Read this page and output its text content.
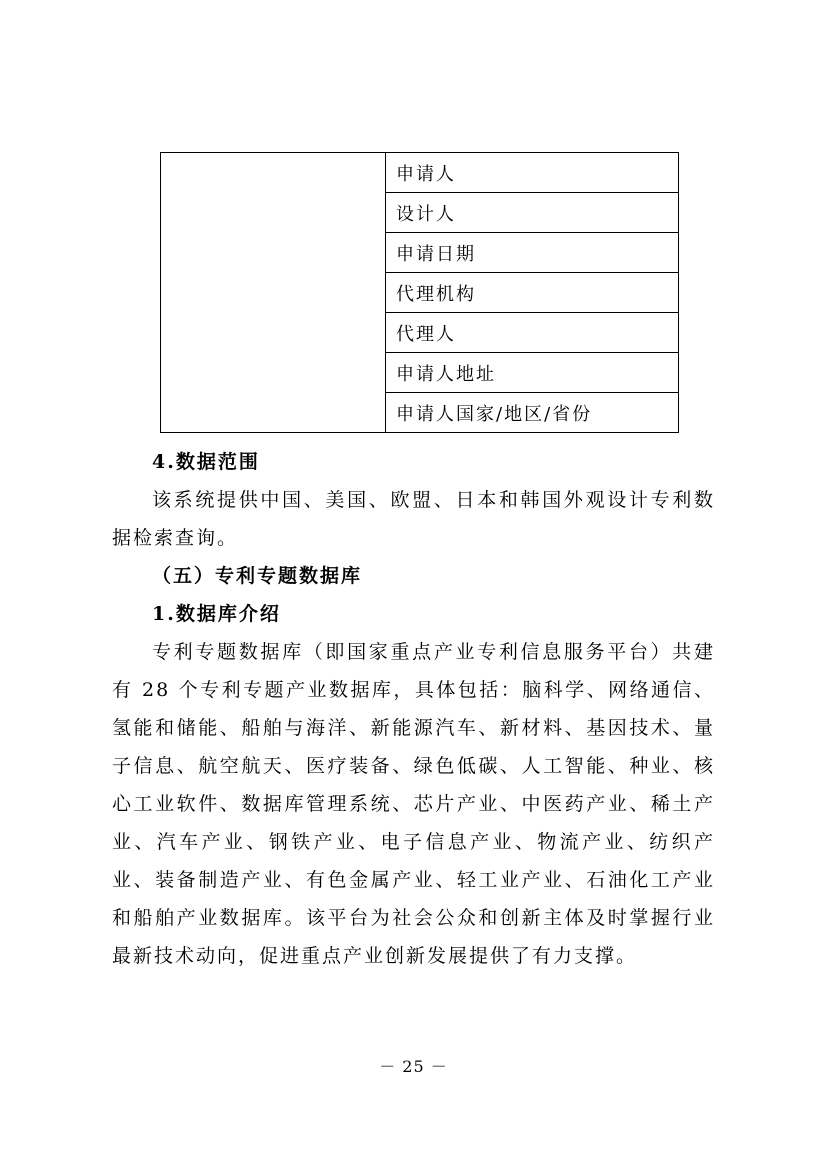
	申请人
设计人
申请日期
代理机构
代理人
申请人地址
申请人国家/地区/省份
4.数据范围

该系统提供中国、美国、欧盟、日本和韩国外观设计专利数据检索查询。

（五）专利专题数据库
1.数据库介绍

专利专题数据库（即国家重点产业专利信息服务平台）共建有 28 个专利专题产业数据库，具体包括：脑科学、网络通信、氢能和储能、船舶与海洋、新能源汽车、新材料、基因技术、量子信息、航空航天、医疗装备、绿色低碳、人工智能、种业、核心工业软件、数据库管理系统、芯片产业、中医药产业、稀土产业、汽车产业、钢铁产业、电子信息产业、物流产业、纺织产业、装备制造产业、有色金属产业、轻工业产业、石油化工产业和船舶产业数据库。该平台为社会公众和创新主体及时掌握行业最新技术动向，促进重点产业创新发展提供了有力支撑。

－ 25 －
